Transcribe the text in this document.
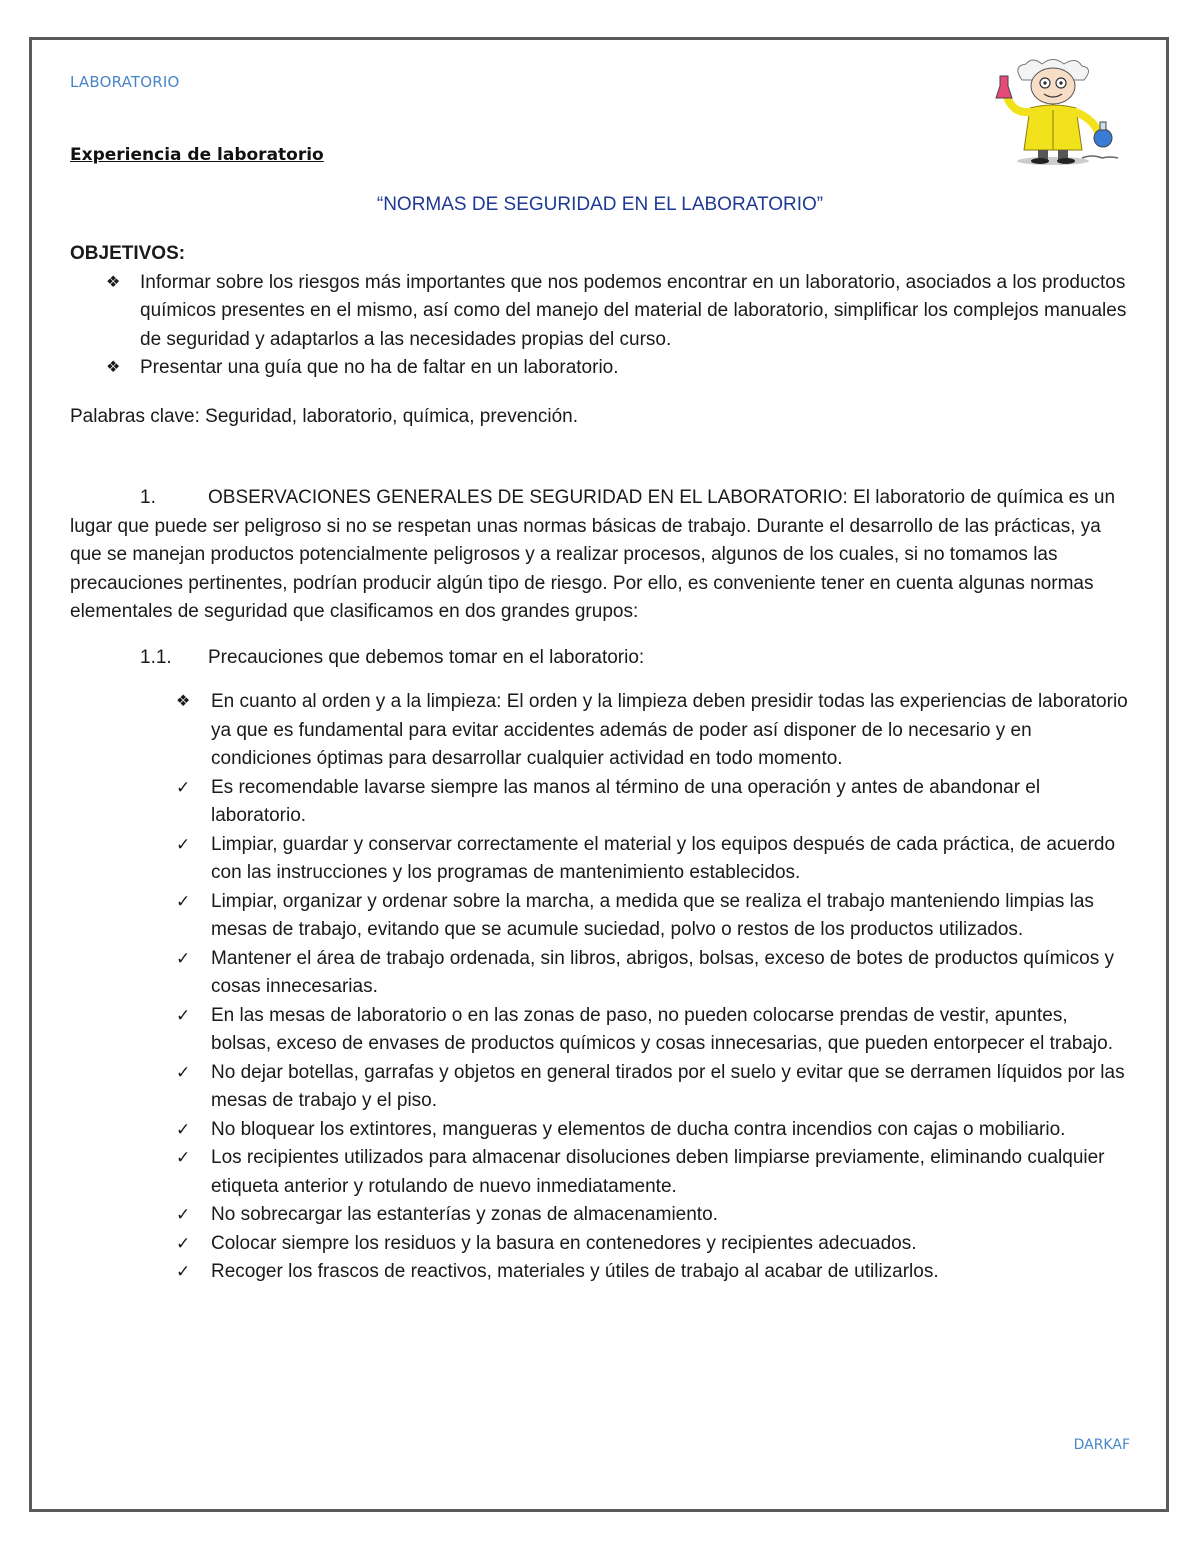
LABORATORIO
Experiencia de laboratorio
“NORMAS DE SEGURIDAD EN EL LABORATORIO”

OBJETIVOS:

❖ Informar sobre los riesgos más importantes que nos podemos encontrar en un laboratorio, asociados a los productos químicos presentes en el mismo, así como del manejo del material de laboratorio, simplificar los complejos manuales de seguridad y adaptarlos a las necesidades propias del curso.
❖ Presentar una guía que no ha de faltar en un laboratorio.

Palabras clave: Seguridad, laboratorio, química, prevención.

1.	OBSERVACIONES GENERALES DE SEGURIDAD EN EL LABORATORIO: El laboratorio de química es un lugar que puede ser peligroso si no se respetan unas normas básicas de trabajo. Durante el desarrollo de las prácticas, ya que se manejan productos potencialmente peligrosos y a realizar procesos, algunos de los cuales, si no tomamos las precauciones pertinentes, podrían producir algún tipo de riesgo. Por ello, es conveniente tener en cuenta algunas normas elementales de seguridad que clasificamos en dos grandes grupos:

1.1. Precauciones que debemos tomar en el laboratorio:

❖ En cuanto al orden y a la limpieza: El orden y la limpieza deben presidir todas las experiencias de laboratorio ya que es fundamental para evitar accidentes además de poder así disponer de lo necesario y en condiciones óptimas para desarrollar cualquier actividad en todo momento.
✓ Es recomendable lavarse siempre las manos al término de una operación y antes de abandonar el laboratorio.
✓ Limpiar, guardar y conservar correctamente el material y los equipos después de cada práctica, de acuerdo con las instrucciones y los programas de mantenimiento establecidos.
✓ Limpiar, organizar y ordenar sobre la marcha, a medida que se realiza el trabajo manteniendo limpias las mesas de trabajo, evitando que se acumule suciedad, polvo o restos de los productos utilizados.
✓ Mantener el área de trabajo ordenada, sin libros, abrigos, bolsas, exceso de botes de productos químicos y cosas innecesarias.
✓ En las mesas de laboratorio o en las zonas de paso, no pueden colocarse prendas de vestir, apuntes, bolsas, exceso de envases de productos químicos y cosas innecesarias, que pueden entorpecer el trabajo.
✓ No dejar botellas, garrafas y objetos en general tirados por el suelo y evitar que se derramen líquidos por las mesas de trabajo y el piso.
✓ No bloquear los extintores, mangueras y elementos de ducha contra incendios con cajas o mobiliario.
✓ Los recipientes utilizados para almacenar disoluciones deben limpiarse previamente, eliminando cualquier etiqueta anterior y rotulando de nuevo inmediatamente.
✓ No sobrecargar las estanterías y zonas de almacenamiento.
✓ Colocar siempre los residuos y la basura en contenedores y recipientes adecuados.
✓ Recoger los frascos de reactivos, materiales y útiles de trabajo al acabar de utilizarlos.
DARKAF
